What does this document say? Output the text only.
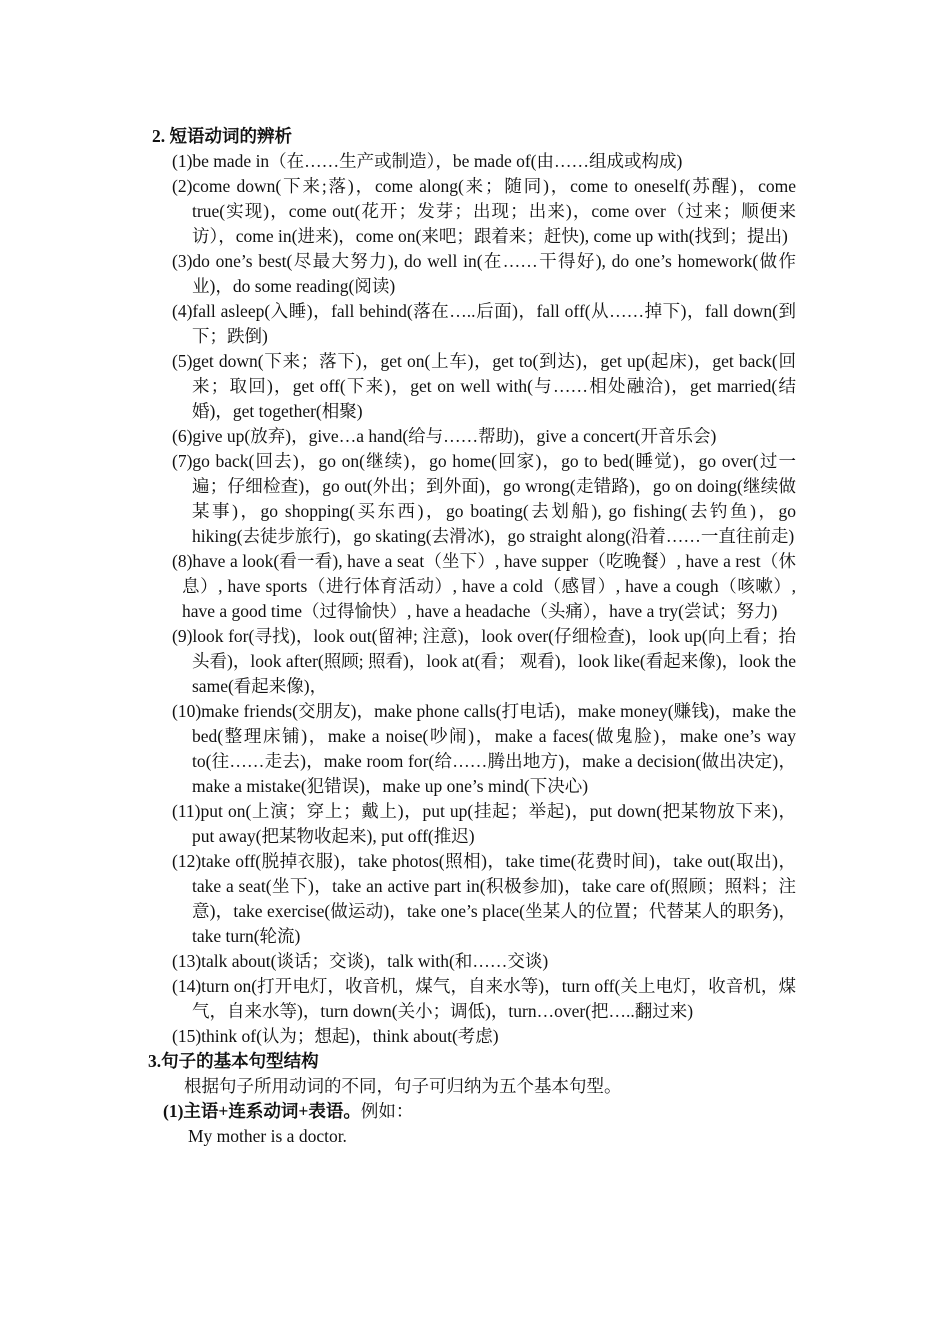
2. 短语动词的辨析

(1)be made in（在……生产或制造），be made of(由……组成或构成)
(2)come down(下来;落)，come along(来；随同)，come to oneself(苏醒)，come true(实现)，come out(花开；发芽；出现；出来)，come over（过来；顺便来访），come in(进来)，come on(来吧；跟着来；赶快), come up with(找到；提出)
(3)do one’s best(尽最大努力), do well in(在……干得好), do one’s homework(做作业)，do some reading(阅读)
(4)fall asleep(入睡)，fall behind(落在…..后面)，fall off(从……掉下)，fall down(到下；跌倒)
(5)get down(下来；落下)，get on(上车)，get to(到达)，get up(起床)，get back(回来；取回)，get off(下来)，get on well with(与……相处融洽)，get married(结婚)，get together(相聚)
(6)give up(放弃)，give…a hand(给与……帮助)，give a concert(开音乐会)
(7)go back(回去)，go on(继续)，go home(回家)，go to bed(睡觉)，go over(过一遍；仔细检查)，go out(外出；到外面)，go wrong(走错路)，go on doing(继续做某事)，go shopping(买东西)，go boating(去划船), go fishing(去钓鱼)，go hiking(去徒步旅行)，go skating(去滑冰)，go straight along(沿着……一直往前走)
(8)have a look(看一看), have a seat（坐下）, have supper（吃晚餐）, have a rest（休息）, have sports（进行体育活动）, have a cold（感冒）, have a cough（咳嗽）, have a good time（过得愉快）, have a headache（头痛），have a try(尝试；努力)
(9)look for(寻找)，look out(留神; 注意)，look over(仔细检查)，look up(向上看；抬头看)，look after(照顾; 照看)，look at(看； 观看)，look like(看起来像)，look the same(看起来像)，
(10)make friends(交朋友)，make phone calls(打电话)，make money(赚钱)，make the bed(整理床铺)，make a noise(吵闹)，make a faces(做鬼脸)，make one’s way to(往……走去)，make room for(给……腾出地方)，make a decision(做出决定)，make a mistake(犯错误)，make up one’s mind(下决心)
(11)put on(上演；穿上；戴上)，put up(挂起；举起)，put down(把某物放下来)，put away(把某物收起来), put off(推迟)
(12)take off(脱掉衣服)，take photos(照相)，take time(花费时间)，take out(取出)，take a seat(坐下)，take an active part in(积极参加)，take care of(照顾；照料；注意)，take exercise(做运动)，take one’s place(坐某人的位置；代替某人的职务)，take turn(轮流)
(13)talk about(谈话；交谈)，talk with(和……交谈)
(14)turn on(打开电灯，收音机，煤气，自来水等)，turn off(关上电灯，收音机，煤气，自来水等)，turn down(关小；调低)，turn…over(把…..翻过来)
(15)think of(认为；想起)，think about(考虑)

3.句子的基本句型结构

根据句子所用动词的不同，句子可归纳为五个基本句型。

(1)主语+连系动词+表语。例如：

My mother is a doctor.
